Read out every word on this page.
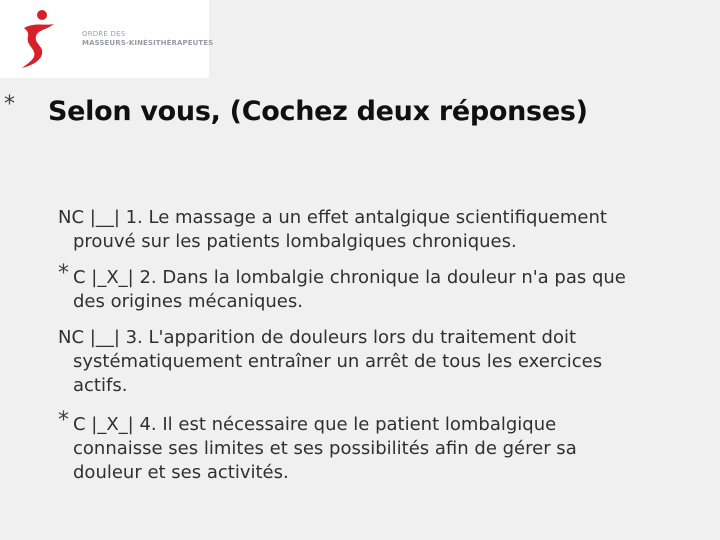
ORDRE DES
MASSEURS-KINÉSITHÉRAPEUTES
* Selon vous, (Cochez deux réponses)
NC |__| 1. Le massage a un effet antalgique scientifiquement
prouvé sur les patients lombalgiques chroniques.
* C |_X_| 2. Dans la lombalgie chronique la douleur n'a pas que
des origines mécaniques.
NC |__| 3. L'apparition de douleurs lors du traitement doit
systématiquement entraîner un arrêt de tous les exercices
actifs.
* C |_X_| 4. Il est nécessaire que le patient lombalgique
connaisse ses limites et ses possibilités afin de gérer sa
douleur et ses activités.
